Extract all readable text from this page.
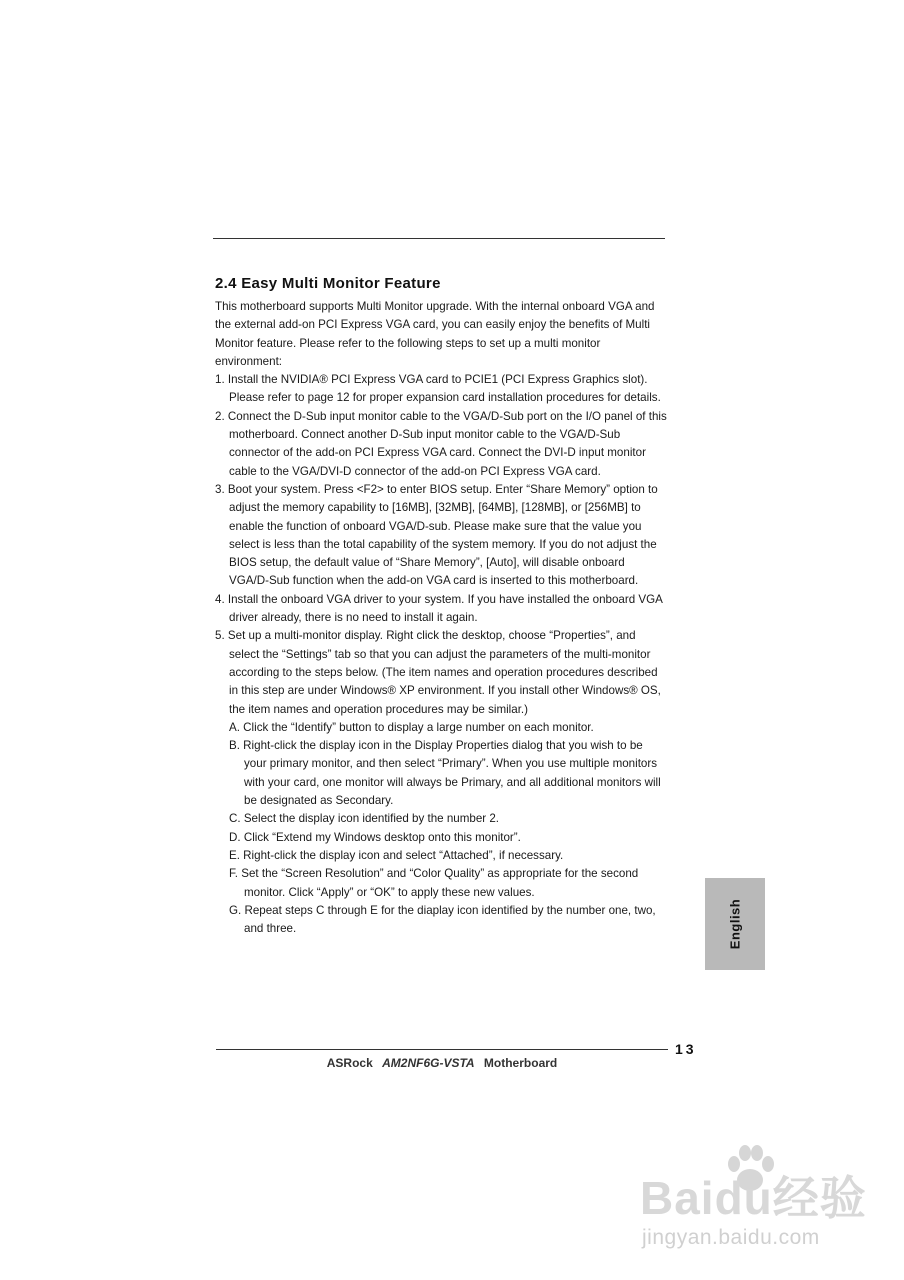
2.4 Easy Multi Monitor Feature

This motherboard supports Multi Monitor upgrade. With the internal onboard VGA and the external add-on PCI Express VGA card, you can easily enjoy the benefits of Multi Monitor feature. Please refer to the following steps to set up a multi monitor environment:

1. Install the NVIDIA® PCI Express VGA card to PCIE1 (PCI Express Graphics slot). Please refer to page 12 for proper expansion card installation procedures for details.

2. Connect the D-Sub input monitor cable to the VGA/D-Sub port on the I/O panel of this motherboard. Connect another D-Sub input monitor cable to the VGA/D-Sub connector of the add-on PCI Express VGA card. Connect the DVI-D input monitor cable to the VGA/DVI-D connector of the add-on PCI Express VGA card.

3. Boot your system. Press <F2> to enter BIOS setup. Enter “Share Memory” option to adjust the memory capability to [16MB], [32MB], [64MB], [128MB], or [256MB] to enable the function of onboard VGA/D-sub. Please make sure that the value you select is less than the total capability of the system memory. If you do not adjust the BIOS setup, the default value of “Share Memory”, [Auto], will disable onboard VGA/D-Sub function when the add-on VGA card is inserted to this motherboard.

4. Install the onboard VGA driver to your system. If you have installed the onboard VGA driver already, there is no need to install it again.

5. Set up a multi-monitor display. Right click the desktop, choose “Properties”, and select the “Settings” tab so that you can adjust the parameters of the multi-monitor according to the steps below. (The item names and operation procedures described in this step are under Windows® XP environment. If you install other Windows® OS, the item names and operation procedures may be similar.)

A. Click the “Identify” button to display a large number on each monitor.

B. Right-click the display icon in the Display Properties dialog that you wish to be your primary monitor, and then select “Primary”. When you use multiple monitors with your card, one monitor will always be Primary, and all additional monitors will be designated as Secondary.

C. Select the display icon identified by the number 2.

D. Click “Extend my Windows desktop onto this monitor”.

E. Right-click the display icon and select “Attached”, if necessary.

F. Set the “Screen Resolution” and “Color Quality” as appropriate for the second monitor. Click “Apply” or “OK” to apply these new values.

G. Repeat steps C through E for the diaplay icon identified by the number one, two, and three.	English
13
ASRock AM2NF6G-VSTA Motherboard
Baidu经验
jingyan.baidu.com
